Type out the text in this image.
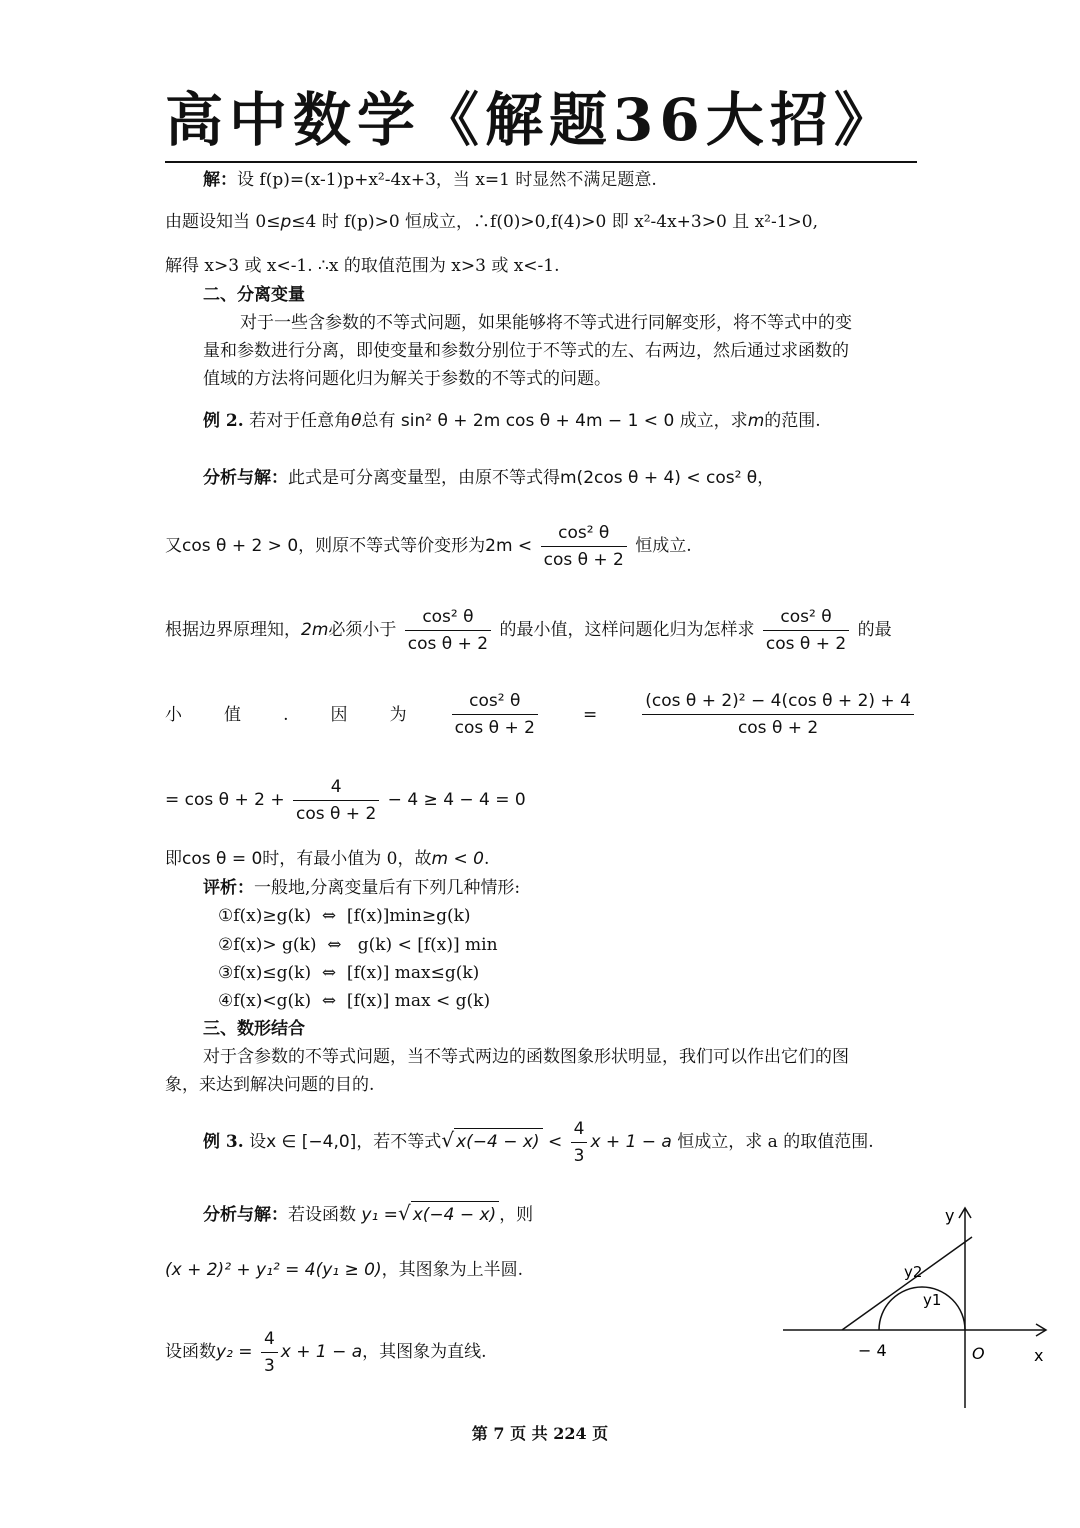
高中数学《解题36大招》
解：设 f(p)=(x-1)p+x²-4x+3，当 x=1 时显然不满足题意.
由题设知当 0≤p≤4 时 f(p)>0 恒成立，∴f(0)>0,f(4)>0 即 x²-4x+3>0 且 x²-1>0,
解得 x>3 或 x<-1. ∴x 的取值范围为 x>3 或 x<-1.
二、分离变量
对于一些含参数的不等式问题，如果能够将不等式进行同解变形，将不等式中的变
量和参数进行分离，即使变量和参数分别位于不等式的左、右两边，然后通过求函数的
值域的方法将问题化归为解关于参数的不等式的问题。
例 2. 若对于任意角θ总有 sin² θ + 2m cos θ + 4m − 1 < 0 成立，求m的范围.
分析与解：此式是可分离变量型，由原不等式得m(2cos θ + 4) < cos² θ，
又cos θ + 2 > 0，则原不等式等价变形为$2m < \frac{\text{cos² θ}}{\text{cos θ + 2}}$ 恒成立.
根据边界原理知，2m必须小于 $\frac{\text{cos² θ}}{\text{cos θ + 2}}$ 的最小值，这样问题化归为怎样求 $\frac{\text{cos² θ}}{\text{cos θ + 2}}$ 的最
小 值 . 因 为	$\frac{\text{cos² θ}}{\text{cos θ + 2}}$	=	$\frac{\text{(cos θ + 2)² − 4(cos θ + 2) + 4}}{\text{cos θ + 2}}$
= $\cos \theta + 2 + \frac{4}{\text{cos θ + 2}} - 4 \ge 4 - 4 = 0$
即cos θ = 0时，有最小值为 0，故m < 0.
评析：一般地,分离变量后有下列几种情形:
①f(x)≥g(k)  ⇔  [f(x)]min≥g(k)
②f(x)> g(k)  ⇔   g(k) < [f(x)] min
③f(x)≤g(k)  ⇔  [f(x)] max≤g(k)
④f(x)<g(k)  ⇔  [f(x)] max < g(k)
三、数形结合
对于含参数的不等式问题，当不等式两边的函数图象形状明显，我们可以作出它们的图
象，来达到解决问题的目的.
例 3. 设x ∈ [−4,0]，若不等式√ $x(-4 - x) < \frac{4}{3}$ x + 1 − a 恒成立，求 a 的取值范围.
分析与解：若设函数 y₁ =√ x(−4 − x) ，则
(x + 2)² + y₁² = 4(y₁ ≥ 0)，其图象为上半圆.
设函数$y_2 = \frac{4}{3}$ x + 1 − a，其图象为直线.
y
x
O
− 4
y1
y2
第 7 页 共 224 页
